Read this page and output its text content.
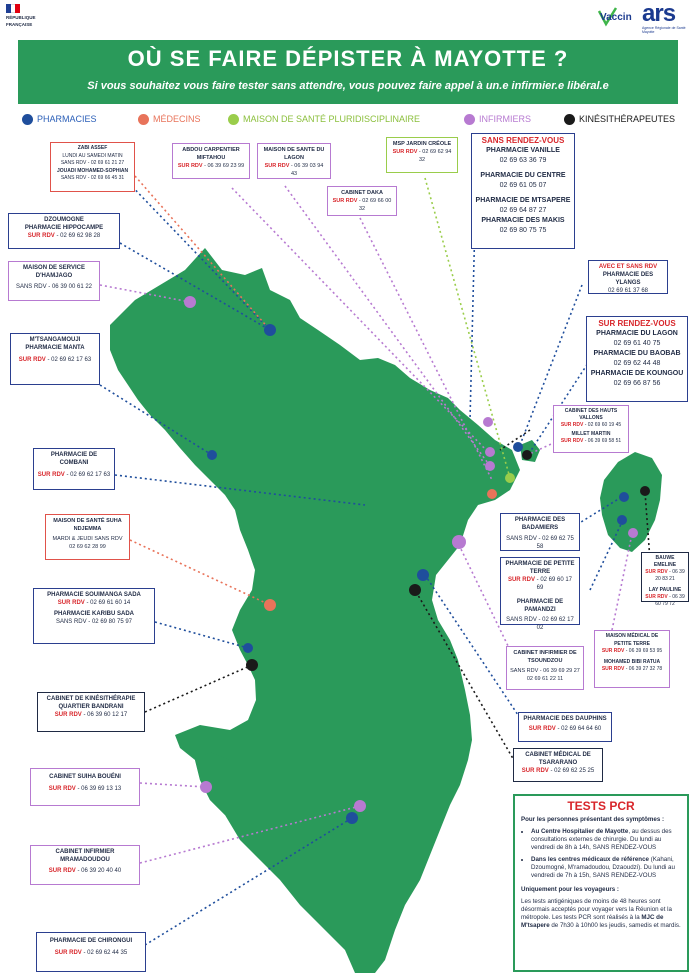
RÉPUBLIQUE
FRANÇAISE
Vaccin ars
Agence Régionale de Santé Mayotte
OÙ SE FAIRE DÉPISTER À MAYOTTE ?
Si vous souhaitez vous faire tester sans attendre, vous pouvez faire appel à un.e infirmier.e libéral.e
PHARMACIES	MÉDECINS	MAISON DE SANTÉ PLURIDISCIPLINAIRE	INFIRMIERS	KINÉSITHÉRAPEUTES
ZABI ASSEF
LUNDI AU SAMEDI MATIN
SANS RDV - 02 69 61 21 27
JOUADI MOHAMED-SOPHIAN
SANS RDV - 02 69 66 45 31
ABDOU CARPENTIER MIFTAHOU
SUR RDV - 06 39 69 23 99
MAISON DE SANTE DU LAGON
SUR RDV - 06 39 03 94 43
CABINET DAKA
SUR RDV - 02 69 66 00 32
MSP JARDIN CRÉOLE
SUR RDV - 02 69 62 94 32
DZOUMOGNE
PHARMACIE HIPPOCAMPE
SUR RDV - 02 69 62 98 28
MAISON DE SERVICE D'HAMJAGO
SANS RDV - 06 39 00 61 22
M'TSANGAMOUJI
PHARMACIE MANTA
SUR RDV - 02 69 62 17 63
PHARMACIE DE COMBANI
SUR RDV - 02 69 62 17 63
MAISON DE SANTÉ SUHA NDJEMMA
MARDI & JEUDI SANS RDV
02 69 62 28 99
PHARMACIE SOUIMANGA SADA
SUR RDV - 02 69 61 60 14
PHARMACIE KARIBU SADA
SANS RDV - 02 69 80 75 97
CABINET DE KINÉSITHÉRAPIE QUARTIER BANDRANI
SUR RDV - 06 39 60 12 17
CABINET SUIHA BOUÉNI
SUR RDV - 06 39 69 13 13
CABINET INFIRMIER MRAMADOUDOU
SUR RDV - 06 39 20 40 40
PHARMACIE DE CHIRONGUI
SUR RDV - 02 69 62 44 35
SANS RENDEZ-VOUS
PHARMACIE VANILLE
02 69 63 36 79
PHARMACIE DU CENTRE
02 69 61 05 07
PHARMACIE DE MTSAPERE
02 69 64 87 27
PHARMACIE DES MAKIS
02 69 80 75 75
AVEC ET SANS RDV
PHARMACIE DES YLANGS
02 69 61 37 68
SUR RENDEZ-VOUS
PHARMACIE DU LAGON
02 69 61 40 75
PHARMACIE DU BAOBAB
02 69 62 44 48
PHARMACIE DE KOUNGOU
02 69 66 87 56
CABINET DES HAUTS VALLONS
SUR RDV - 02 69 60 19 45
MILLET MARTIN
SUR RDV - 06 39 69 58 51
PHARMACIE DES BADAMIERS
SANS RDV - 02 69 62 75 58
PHARMACIE DE PETITE TERRE
SUR RDV - 02 69 60 17 69
PHARMACIE DE PAMANDZI
SANS RDV - 02 69 62 17 02
BAUWE EMELINE
SUR RDV - 06 39 20 83 21
LAY PAULINE
SUR RDV - 06 39 60 79 72
CABINET INFIRMIER DE TSOUNDZOU
SANS RDV - 06 39 69 29 27
02 69 61 22 11
MAISON MÉDICAL DE PETITE TERRE
SUR RDV - 06 39 69 53 95
MOHAMED BIBI RATUA
SUR RDV - 06 39 27 32 78
PHARMACIE DES DAUPHINS
SUR RDV - 02 69 64 64 60
CABINET MÉDICAL DE TSARARANO
SUR RDV - 02 69 62 25 25
TESTS PCR
Pour les personnes présentant des symptômes :
• Au Centre Hospitalier de Mayotte, au dessus des consultations externes de chirurgie. Du lundi au vendredi de 8h à 14h, SANS RENDEZ-VOUS
• Dans les centres médicaux de référence (Kahani, Dzoumogné, M'ramadoudou, Dzaoudzi). Du lundi au vendredi de 7h à 15h, SANS RENDEZ-VOUS
Uniquement pour les voyageurs :
Les tests antigéniques de moins de 48 heures sont désormais acceptés pour voyager vers la Réunion et la métropole. Les tests PCR sont réalisés à la MJC de M'tsapere de 7h30 à 10h00 les jeudis, samedis et mardis.
